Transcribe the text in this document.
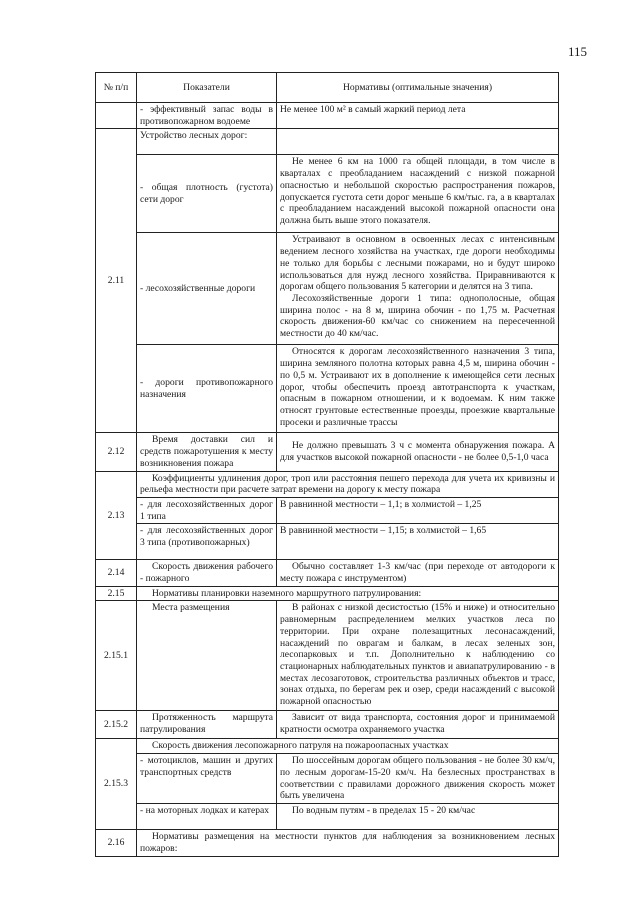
115
№ п/п	Показатели	Нормативы (оптимальные значения)
	- эффективный запас воды в противопожарном водоеме	Не менее 100 м² в самый жаркий период лета
2.11	Устройство лесных дорог:	
	- общая плотность (густота) сети дорог	Не менее 6 км на 1000 га общей площади, в том числе в кварталах с преобладанием насаждений с низкой пожарной опасностью и небольшой скоростью распространения пожаров, допускается густота сети дорог меньше 6 км/тыс. га, а в кварталах с преобладанием насаждений высокой пожарной опасности она должна быть выше этого показателя.

	- лесохозяйственные дороги	Устраивают в основном в освоенных лесах с интенсивным ведением лесного хозяйства на участках, где дороги необходимы не только для борьбы с лесными пожарами, но и будут широко использоваться для нужд лесного хозяйства. Приравниваются к дорогам общего пользования 5 категории и делятся на 3 типа.
Лесохозяйственные дороги 1 типа: однополосные, общая ширина полос - на 8 м, ширина обочин - по 1,75 м. Расчетная скорость движения-60 км/час со снижением на пересеченной местности до 40 км/час.

	- дороги противопожарного назначения	Относятся к дорогам лесохозяйственного назначения 3 типа, ширина земляного полотна которых равна 4,5 м, ширина обочин - по 0,5 м. Устраивают их в дополнение к имеющейся сети лесных дорог, чтобы обеспечить проезд автотранспорта к участкам, опасным в пожарном отношении, и к водоемам. К ним также относят грунтовые естественные проезды, проезжие квартальные просеки и различные трассы

2.12	Время доставки сил и средств пожаротушения к месту возникновения пожара	Не должно превышать 3 ч с момента обнаружения пожара. А для участков высокой пожарной опасности - не более 0,5-1,0 часа

2.13	Коэффициенты удлинения дорог, троп или расстояния пешего перехода для учета их кривизны и рельефа местности при расчете затрат времени на дорогу к месту пожара	

	- для лесохозяйственных дорог 1 типа	В равнинной местности – 1,1; в холмистой – 1,25
	- для лесохозяйственных дорог 3 типа (противопожарных)	В равнинной местности – 1,15; в холмистой – 1,65
2.14	Скорость движения рабочего - пожарного	Обычно составляет 1-3 км/час (при переходе от автодороги к месту пожара с инструментом)

2.15	Нормативы планировки наземного маршрутного патрулирования:	

2.15.1	Места размещения	В районах с низкой десистостью (15% и ниже) и относительно равномерным распределением мелких участков леса по территории. При охране полезащитных лесонасаждений, насаждений по оврагам и балкам, в лесах зеленых зон, лесопарковых и т.п. Дополнительно к наблюдению со стационарных наблюдательных пунктов и авиапатрулированию - в местах лесозаготовок, строительства различных объектов и трасс, зонах отдыха, по берегам рек и озер, среди насаждений с высокой пожарной опасностью

2.15.2	Протяженность маршрута патрулирования	Зависит от вида транспорта, состояния дорог и принимаемой кратности осмотра охраняемого участка

2.15.3	Скорость движения лесопожарного патруля на пожароопасных участках	

	- мотоциклов, машин и других транспортных средств	По шоссейным дорогам общего пользования - не более 30 км/ч, по лесным дорогам-15-20 км/ч. На безлесных пространствах в соответствии с правилами дорожного движения скорость может быть увеличена

	- на моторных лодках и катерах	По водным путям - в пределах 15 - 20 км/час

2.16	Нормативы размещения на местности пунктов для наблюдения за возникновением лесных пожаров:	
